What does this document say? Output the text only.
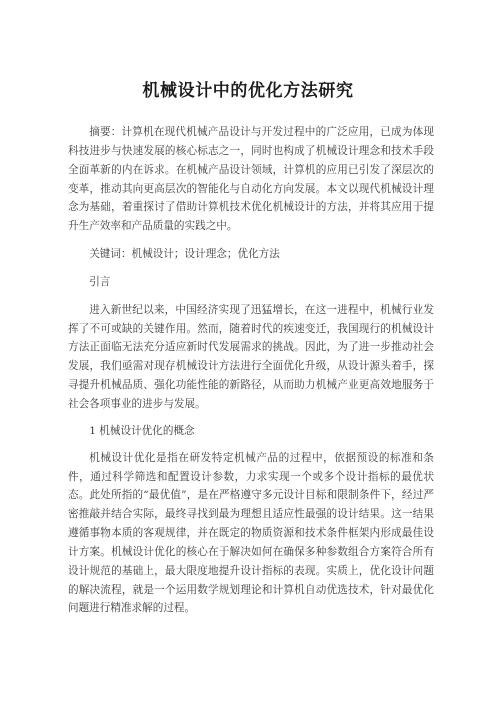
机械设计中的优化方法研究

摘要：计算机在现代机械产品设计与开发过程中的广泛应用，已成为体现科技进步与快速发展的核心标志之一，同时也构成了机械设计理念和技术手段全面革新的内在诉求。在机械产品设计领域，计算机的应用已引发了深层次的变革，推动其向更高层次的智能化与自动化方向发展。本文以现代机械设计理念为基础，着重探讨了借助计算机技术优化机械设计的方法，并将其应用于提升生产效率和产品质量的实践之中。

关键词：机械设计；设计理念；优化方法

引言

进入新世纪以来，中国经济实现了迅猛增长，在这一进程中，机械行业发挥了不可或缺的关键作用。然而，随着时代的疾速变迁，我国现行的机械设计方法正面临无法充分适应新时代发展需求的挑战。因此，为了进一步推动社会发展，我们亟需对现存机械设计方法进行全面优化升级，从设计源头着手，探寻提升机械品质、强化功能性能的新路径，从而助力机械产业更高效地服务于社会各项事业的进步与发展。

1 机械设计优化的概念

机械设计优化是指在研发特定机械产品的过程中，依据预设的标准和条件，通过科学筛选和配置设计参数，力求实现一个或多个设计指标的最优状态。此处所指的“最优值”，是在严格遵守多元设计目标和限制条件下，经过严密推敲并结合实际，最终寻找到最为理想且适应性最强的设计结果。这一结果遵循事物本质的客观规律，并在既定的物质资源和技术条件框架内形成最佳设计方案。机械设计优化的核心在于解决如何在确保多种参数组合方案符合所有设计规范的基础上，最大限度地提升设计指标的表现。实质上，优化设计问题的解决流程，就是一个运用数学规划理论和计算机自动优选技术，针对最优化问题进行精准求解的过程。
